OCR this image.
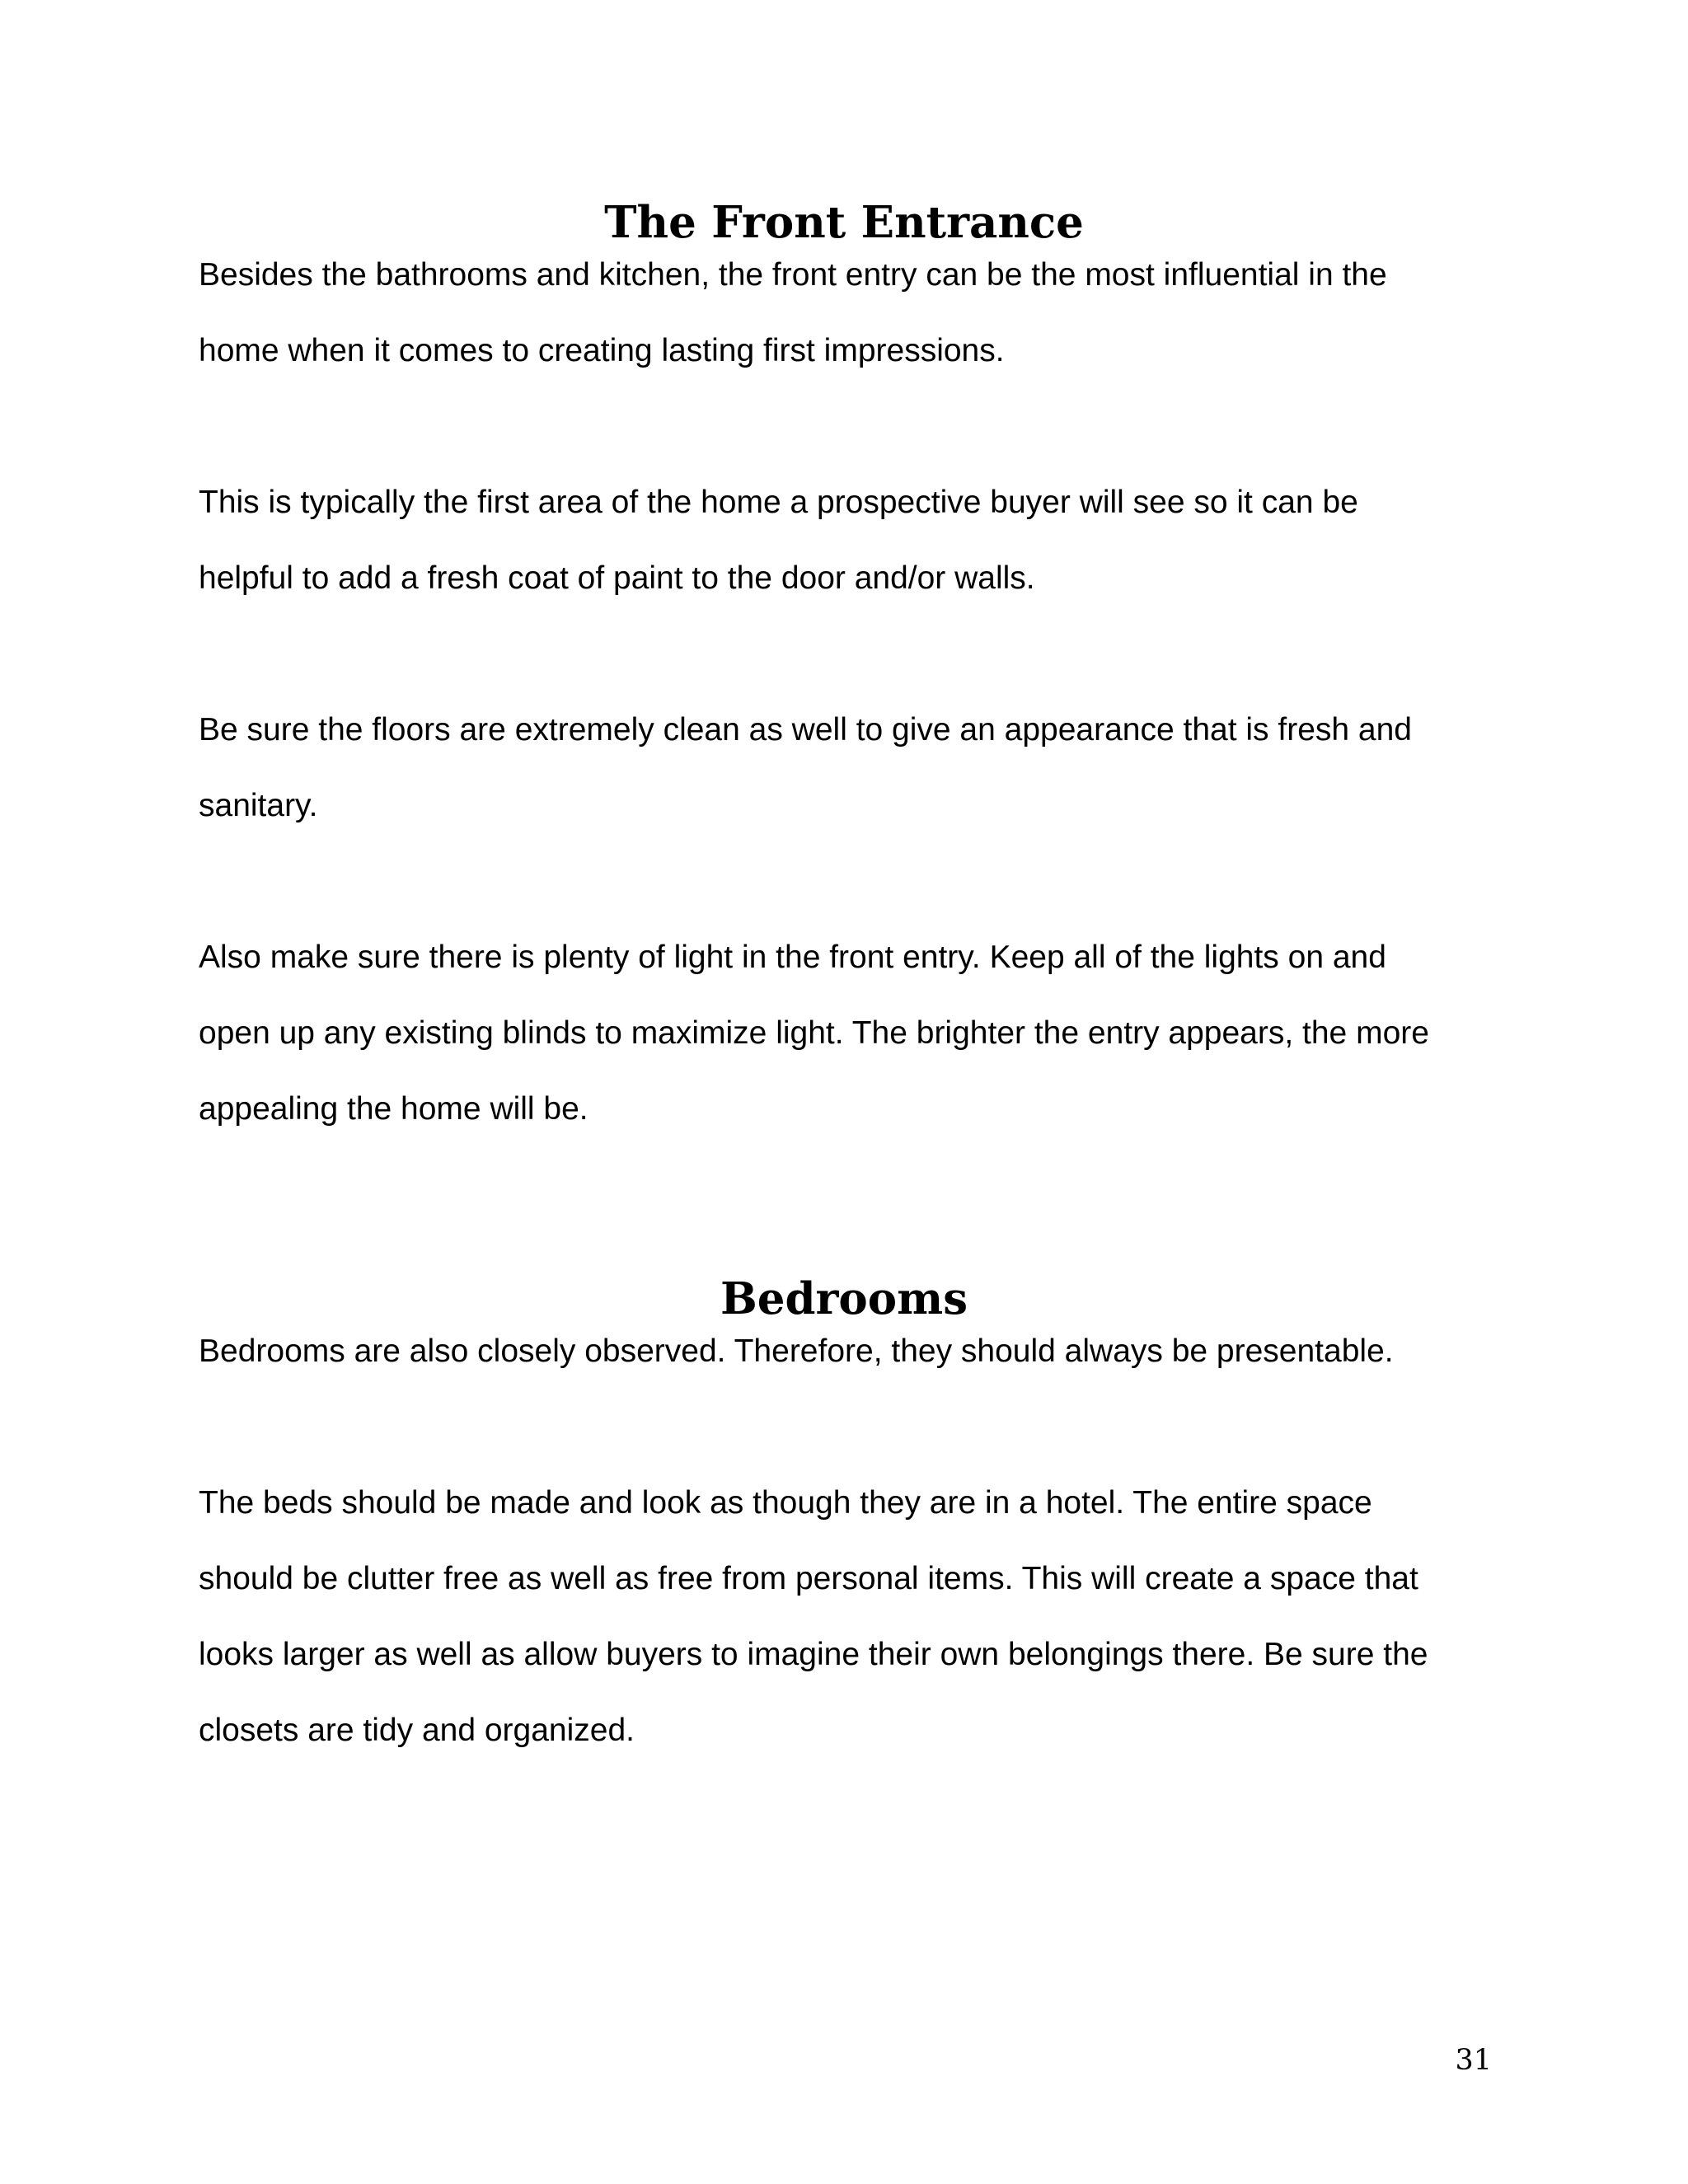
The Front Entrance

Besides the bathrooms and kitchen, the front entry can be the most influential in the
home when it comes to creating lasting first impressions.

This is typically the first area of the home a prospective buyer will see so it can be
helpful to add a fresh coat of paint to the door and/or walls.

Be sure the floors are extremely clean as well to give an appearance that is fresh and
sanitary.

Also make sure there is plenty of light in the front entry. Keep all of the lights on and
open up any existing blinds to maximize light. The brighter the entry appears, the more
appealing the home will be.

Bedrooms

Bedrooms are also closely observed. Therefore, they should always be presentable.

The beds should be made and look as though they are in a hotel. The entire space
should be clutter free as well as free from personal items. This will create a space that
looks larger as well as allow buyers to imagine their own belongings there. Be sure the
closets are tidy and organized.

31
